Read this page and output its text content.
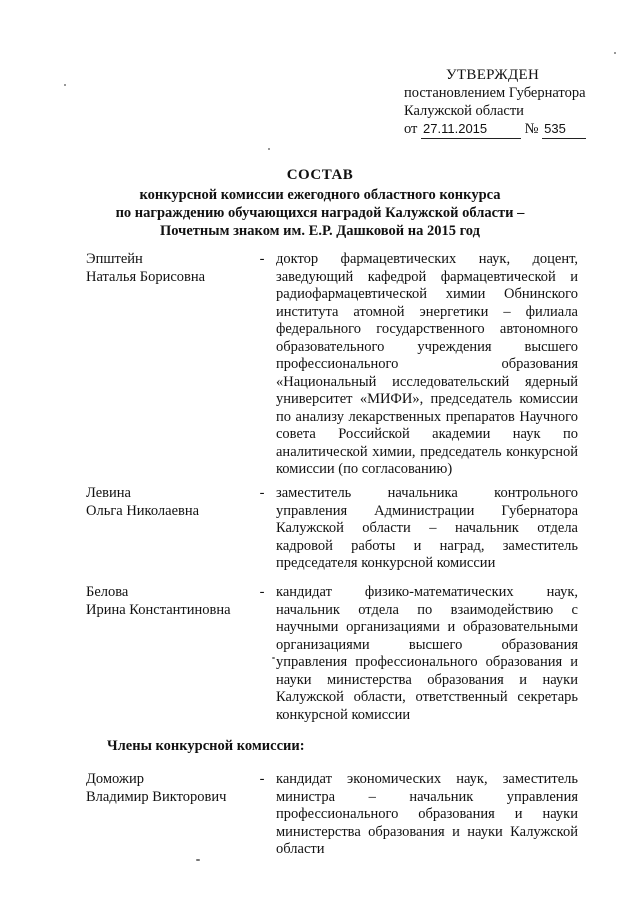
УТВЕРЖДЕН
постановлением Губернатора
Калужской области
от 27.11.2015	№ 535
СОСТАВ
конкурсной комиссии ежегодного областного конкурса
по награждению обучающихся наградой Калужской области –
Почетным знаком им. Е.Р. Дашковой на 2015 год
Эпштейн
Наталья Борисовна
- доктор фармацевтических наук, доцент, заведующий кафедрой фармацевтической и радиофармацевтической химии Обнинского института атомной энергетики – филиала федерального государственного автономного образовательного учреждения высшего профессионального образования «Национальный исследовательский ядерный университет «МИФИ», председатель комиссии по анализу лекарственных препаратов Научного совета Российской академии наук по аналитической химии, председатель конкурсной комиссии (по согласованию)
Левина
Ольга Николаевна
- заместитель начальника контрольного управления Администрации Губернатора Калужской области – начальник отдела кадровой работы и наград, заместитель председателя конкурсной комиссии
Белова
Ирина Константиновна
- кандидат физико-математических наук, начальник отдела по взаимодействию с научными организациями и образовательными организациями высшего образования управления профессионального образования и науки министерства образования и науки Калужской области, ответственный секретарь конкурсной комиссии
Члены конкурсной комиссии:
Доможир
Владимир Викторович
- кандидат экономических наук, заместитель министра – начальник управления профессионального образования и науки министерства образования и науки Калужской области
